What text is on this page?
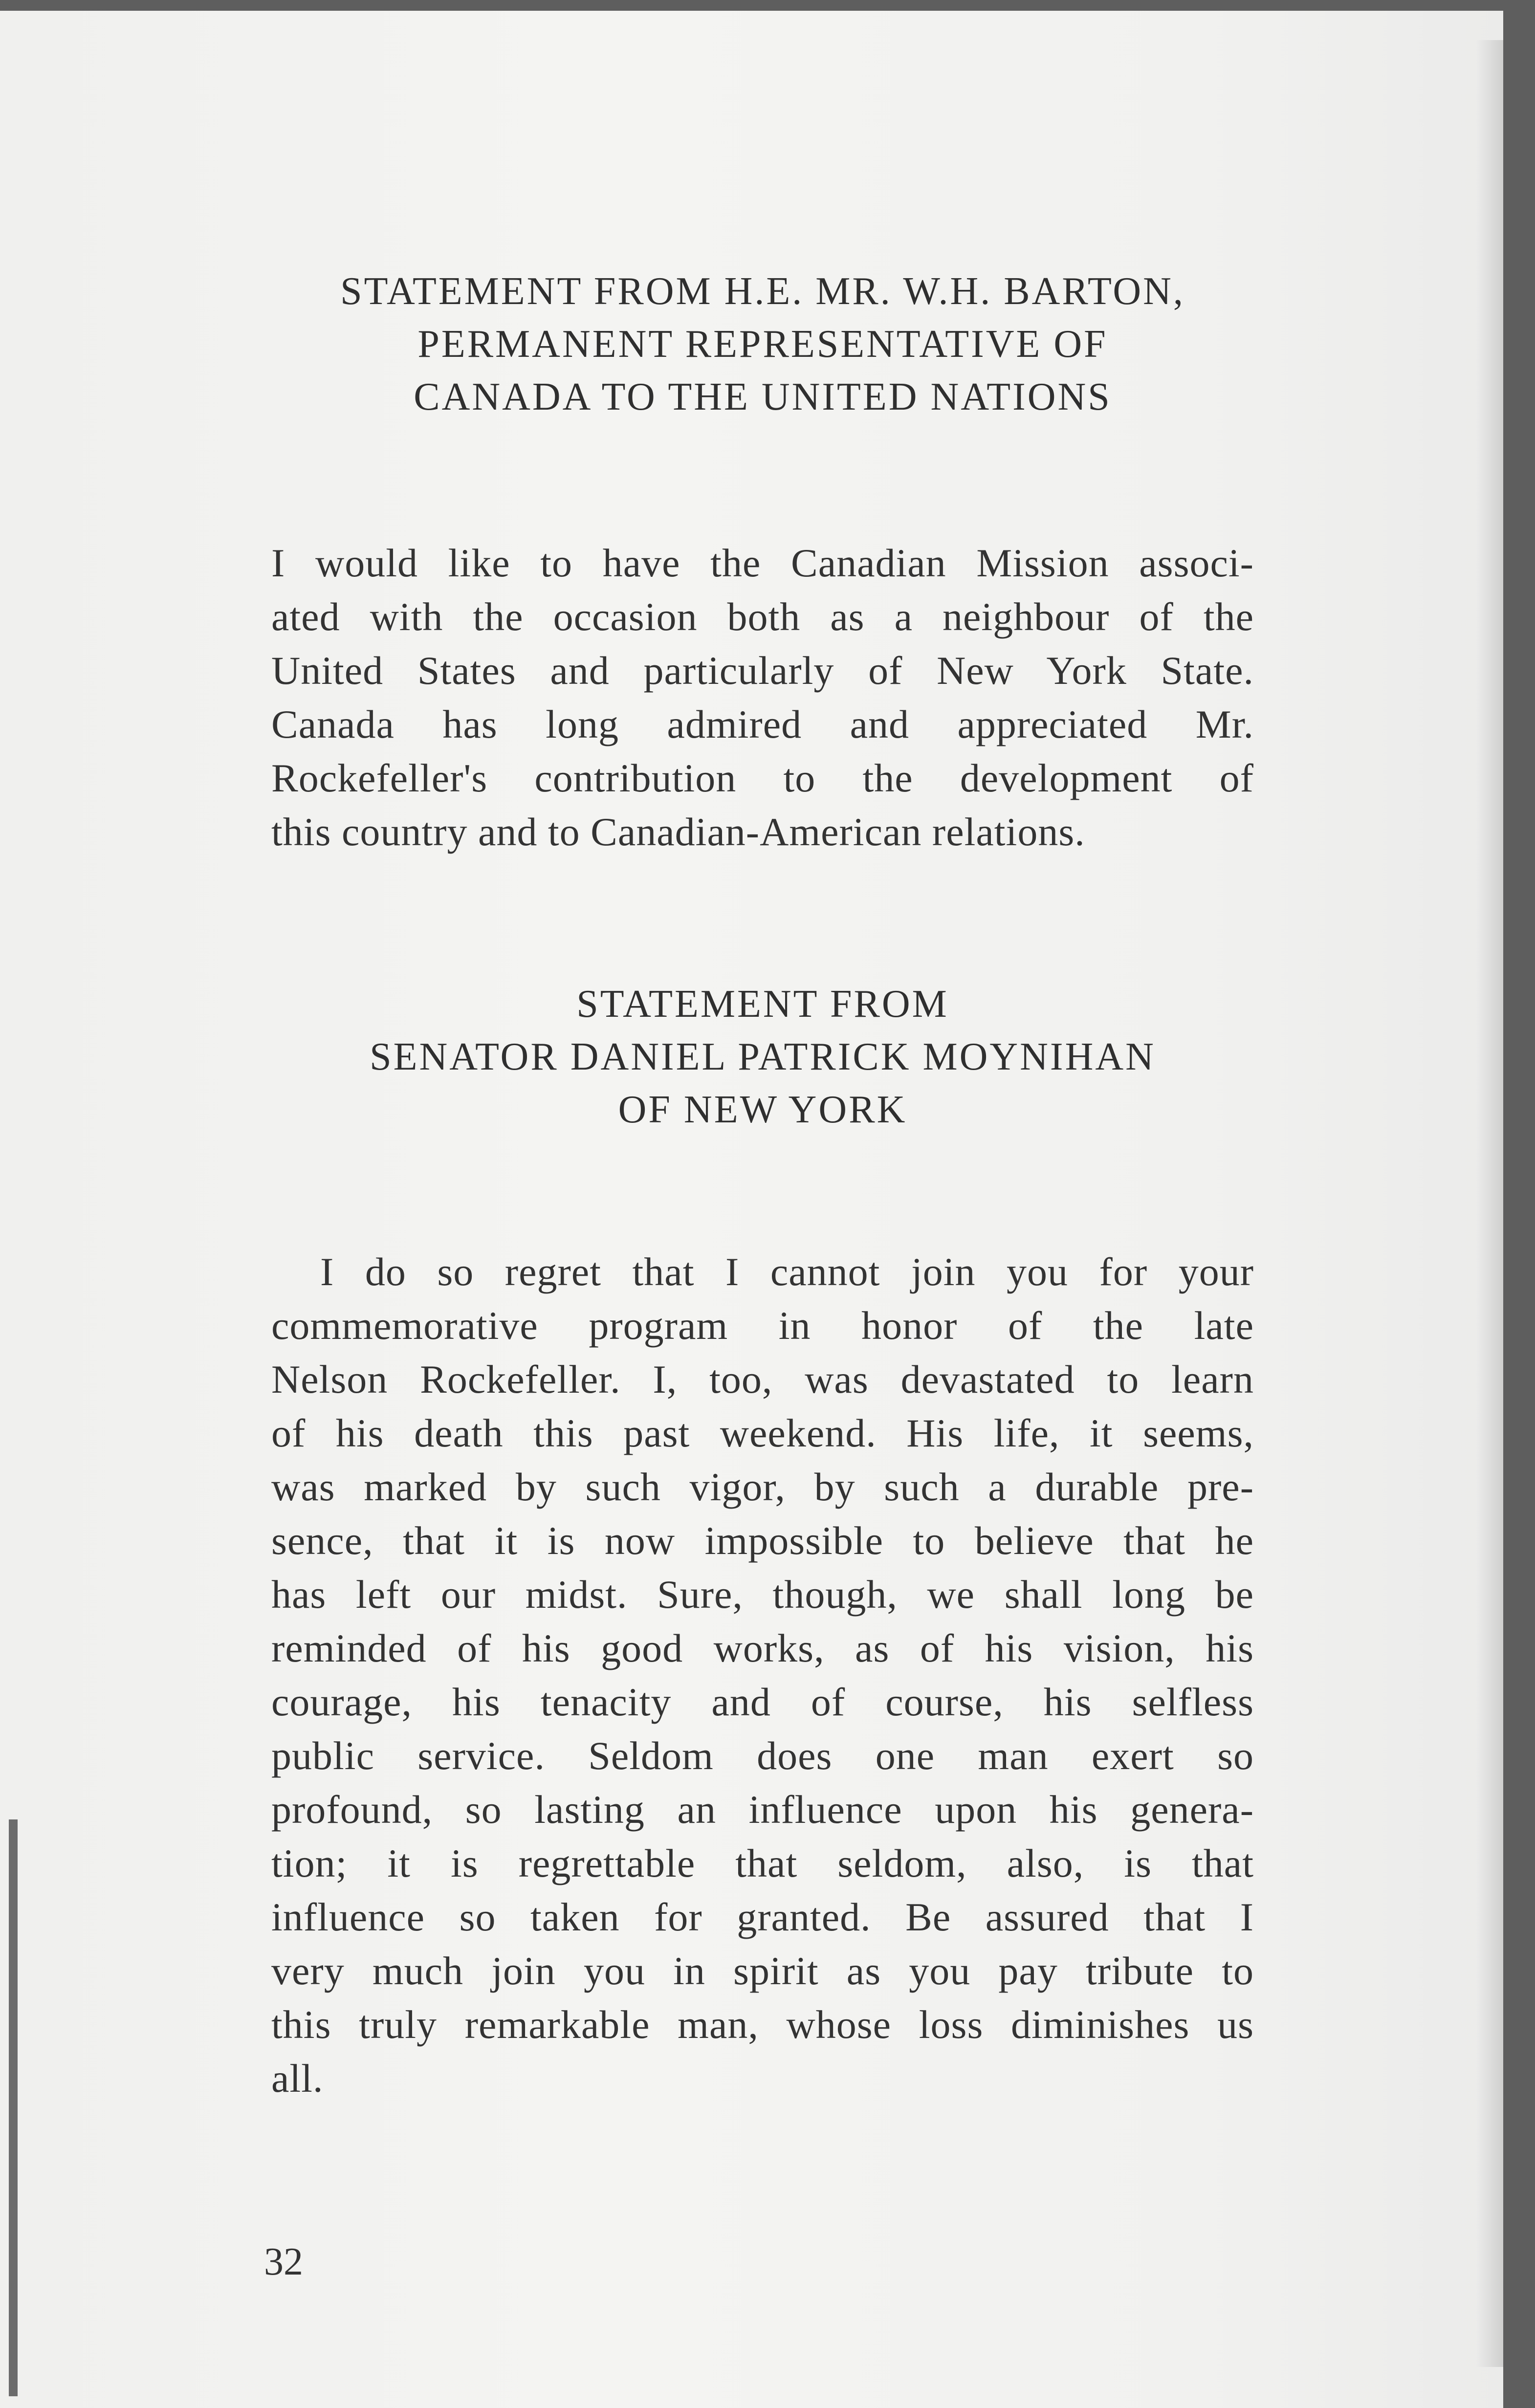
STATEMENT FROM H.E. MR. W.H. BARTON,
PERMANENT REPRESENTATIVE OF
CANADA TO THE UNITED NATIONS

I would like to have the Canadian Mission associ-
ated with the occasion both as a neighbour of the
United States and particularly of New York State.
Canada has long admired and appreciated Mr.
Rockefeller's contribution to the development of
this country and to Canadian-American relations.

STATEMENT FROM
SENATOR DANIEL PATRICK MOYNIHAN
OF NEW YORK

I do so regret that I cannot join you for your
commemorative program in honor of the late
Nelson Rockefeller. I, too, was devastated to learn
of his death this past weekend. His life, it seems,
was marked by such vigor, by such a durable pre-
sence, that it is now impossible to believe that he
has left our midst. Sure, though, we shall long be
reminded of his good works, as of his vision, his
courage, his tenacity and of course, his selfless
public service. Seldom does one man exert so
profound, so lasting an influence upon his genera-
tion; it is regrettable that seldom, also, is that
influence so taken for granted. Be assured that I
very much join you in spirit as you pay tribute to
this truly remarkable man, whose loss diminishes us
all.

32
